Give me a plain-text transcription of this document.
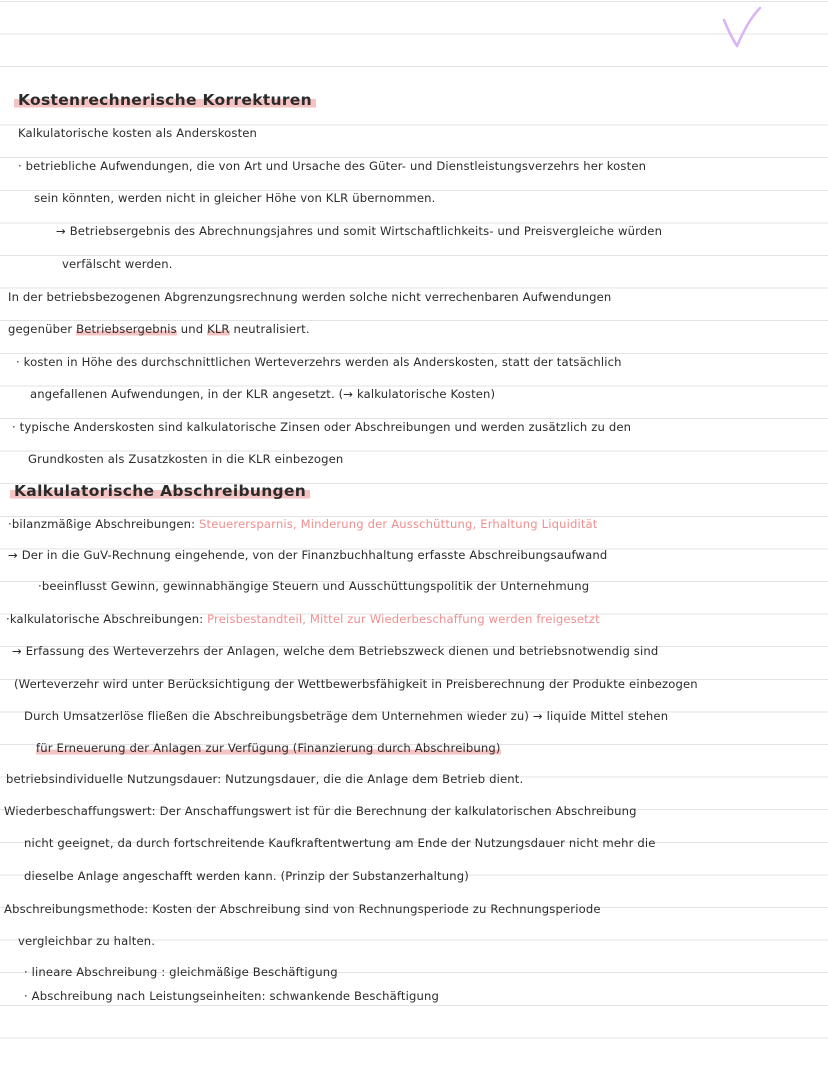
Kostenrechnerische Korrekturen
Kalkulatorische kosten als Anderskosten
· betriebliche Aufwendungen, die von Art und Ursache des Güter- und Dienstleistungsverzehrs her kosten
sein könnten, werden nicht in gleicher Höhe von KLR übernommen.
→ Betriebsergebnis des Abrechnungsjahres und somit Wirtschaftlichkeits- und Preisvergleiche würden
verfälscht werden.
In der betriebsbezogenen Abgrenzungsrechnung werden solche nicht verrechenbaren Aufwendungen
gegenüber Betriebsergebnis und KLR neutralisiert.
· kosten in Höhe des durchschnittlichen Werteverzehrs werden als Anderskosten, statt der tatsächlich
angefallenen Aufwendungen, in der KLR angesetzt. (→ kalkulatorische Kosten)
· typische Anderskosten sind kalkulatorische Zinsen oder Abschreibungen und werden zusätzlich zu den
Grundkosten als Zusatzkosten in die KLR einbezogen
Kalkulatorische Abschreibungen
·bilanzmäßige Abschreibungen: Steuerersparnis, Minderung der Ausschüttung, Erhaltung Liquidität
→ Der in die GuV-Rechnung eingehende, von der Finanzbuchhaltung erfasste Abschreibungsaufwand
·beeinflusst Gewinn, gewinnabhängige Steuern und Ausschüttungspolitik der Unternehmung
·kalkulatorische Abschreibungen: Preisbestandteil, Mittel zur Wiederbeschaffung werden freigesetzt
→ Erfassung des Werteverzehrs der Anlagen, welche dem Betriebszweck dienen und betriebsnotwendig sind
(Werteverzehr wird unter Berücksichtigung der Wettbewerbsfähigkeit in Preisberechnung der Produkte einbezogen
Durch Umsatzerlöse fließen die Abschreibungsbeträge dem Unternehmen wieder zu) → liquide Mittel stehen
für Erneuerung der Anlagen zur Verfügung (Finanzierung durch Abschreibung)
betriebsindividuelle Nutzungsdauer: Nutzungsdauer, die die Anlage dem Betrieb dient.
Wiederbeschaffungswert: Der Anschaffungswert ist für die Berechnung der kalkulatorischen Abschreibung
nicht geeignet, da durch fortschreitende Kaufkraftentwertung am Ende der Nutzungsdauer nicht mehr die
dieselbe Anlage angeschafft werden kann. (Prinzip der Substanzerhaltung)
Abschreibungsmethode: Kosten der Abschreibung sind von Rechnungsperiode zu Rechnungsperiode
vergleichbar zu halten.
· lineare Abschreibung : gleichmäßige Beschäftigung
· Abschreibung nach Leistungseinheiten: schwankende Beschäftigung
